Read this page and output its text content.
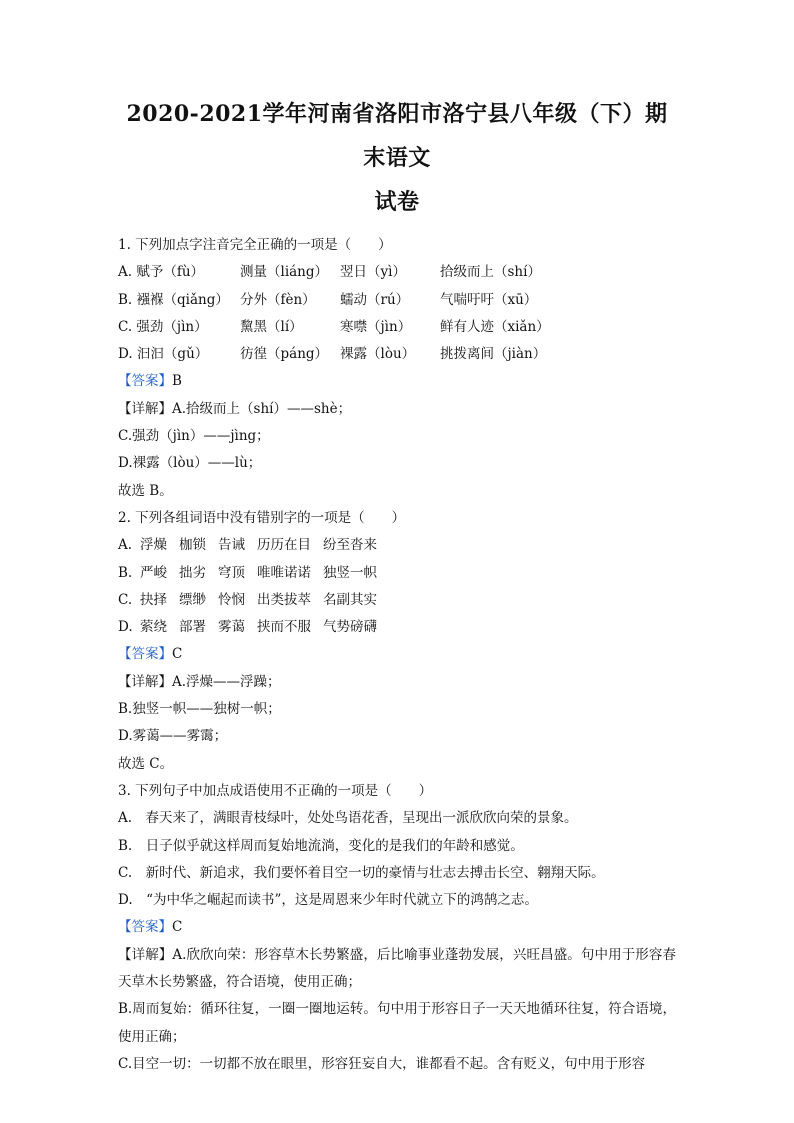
2020-2021学年河南省洛阳市洛宁县八年级（下）期末语文
试卷
1. 下列加点字注音完全正确的一项是（　　）
A. 赋予（fù）	测量（liáng） 翌日（yì）	拾级而上（shí）
B. 襁褓（qiǎng） 分外（fèn）	蠕动（rú）	气喘吁吁（xū）
C. 强劲（jìn）	黧黑（lí）	寒噤（jìn）	鲜有人迹（xiǎn）
D. 汩汩（gǔ）	彷徨（páng） 裸露（lòu）	挑拨离间（jiàn）
【答案】B
【详解】A.拾级而上（shí）——shè；
C.强劲（jìn）——jìng；
D.裸露（lòu）——lù；
故选 B。
2. 下列各组词语中没有错别字的一项是（　　）
A. 浮燥 枷锁 告诫 历历在目 纷至沓来
B. 严峻 拙劣 穹顶 唯唯诺诺 独竖一帜
C. 抉择 缥缈 怜悯 出类拔萃 名副其实
D. 萦绕 部署 雾蔼 挟而不服 气势磅礴
【答案】C
【详解】A.浮燥——浮躁；
B.独竖一帜——独树一帜；
D.雾蔼——雾霭；
故选 C。
3. 下列句子中加点成语使用不正确的一项是（　　）
A.　春天来了，满眼青枝绿叶，处处鸟语花香，呈现出一派欣欣向荣的景象。
B.　日子似乎就这样周而复始地流淌，变化的是我们的年龄和感觉。
C.　新时代、新追求，我们要怀着目空一切的豪情与壮志去搏击长空、翱翔天际。
D.　“为中华之崛起而读书”，这是周恩来少年时代就立下的鸿鹄之志。
【答案】C
【详解】A.欣欣向荣：形容草木长势繁盛，后比喻事业蓬勃发展，兴旺昌盛。句中用于形容春天草木长势繁盛，符合语境，使用正确；
B.周而复始：循环往复，一圈一圈地运转。句中用于形容日子一天天地循环往复，符合语境，使用正确；
C.目空一切：一切都不放在眼里，形容狂妄自大，谁都看不起。含有贬义，句中用于形容
